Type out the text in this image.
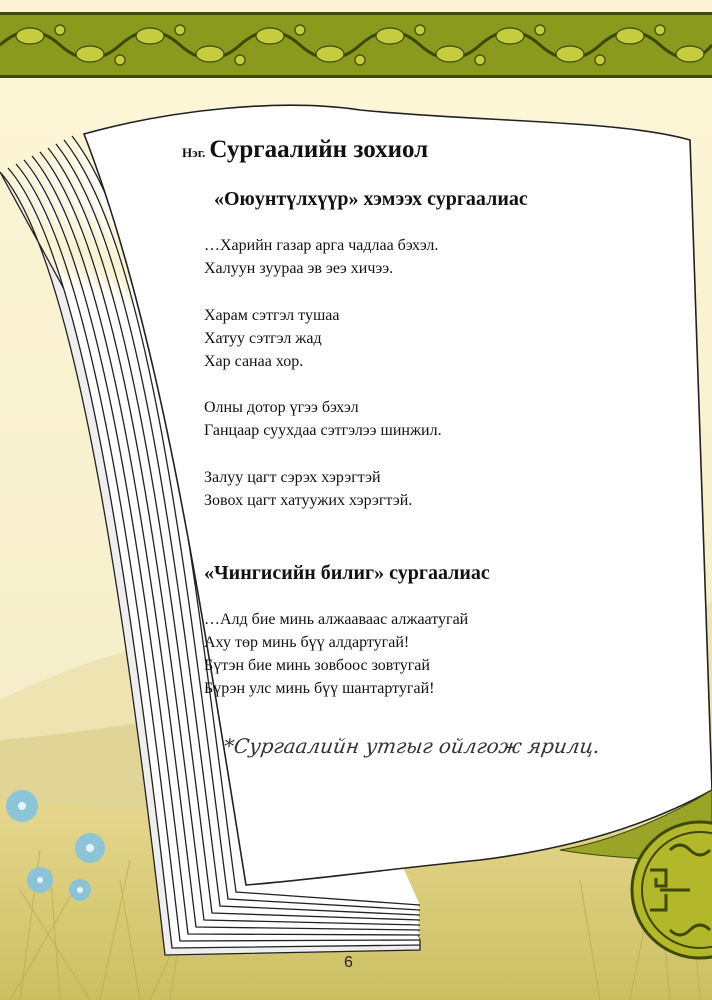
Нэг. Сургаалийн зохиол
«Оюунтүлхүүр» хэмээх сургаалиас
…Харийн газар арга чадлаа бэхэл.
Халуун зуураа эв эеэ хичээ.
Харам сэтгэл тушаа
Хатуу сэтгэл жад
Хар санаа хор.
Олны дотор үгээ бэхэл
Ганцаар суухдаа сэтгэлээ шинжил.
Залуу цагт сэрэх хэрэгтэй
Зовох цагт хатуужих хэрэгтэй.
«Чингисийн билиг» сургаалиас
…Алд бие минь алжаавааc алжаатугай
Аху төр минь бүү алдартугай!
Бүтэн бие минь зовбоос зовтугай
Бүрэн улс минь бүү шантартугай!
*Сургаалийн утгыг ойлгож ярилц.
6
